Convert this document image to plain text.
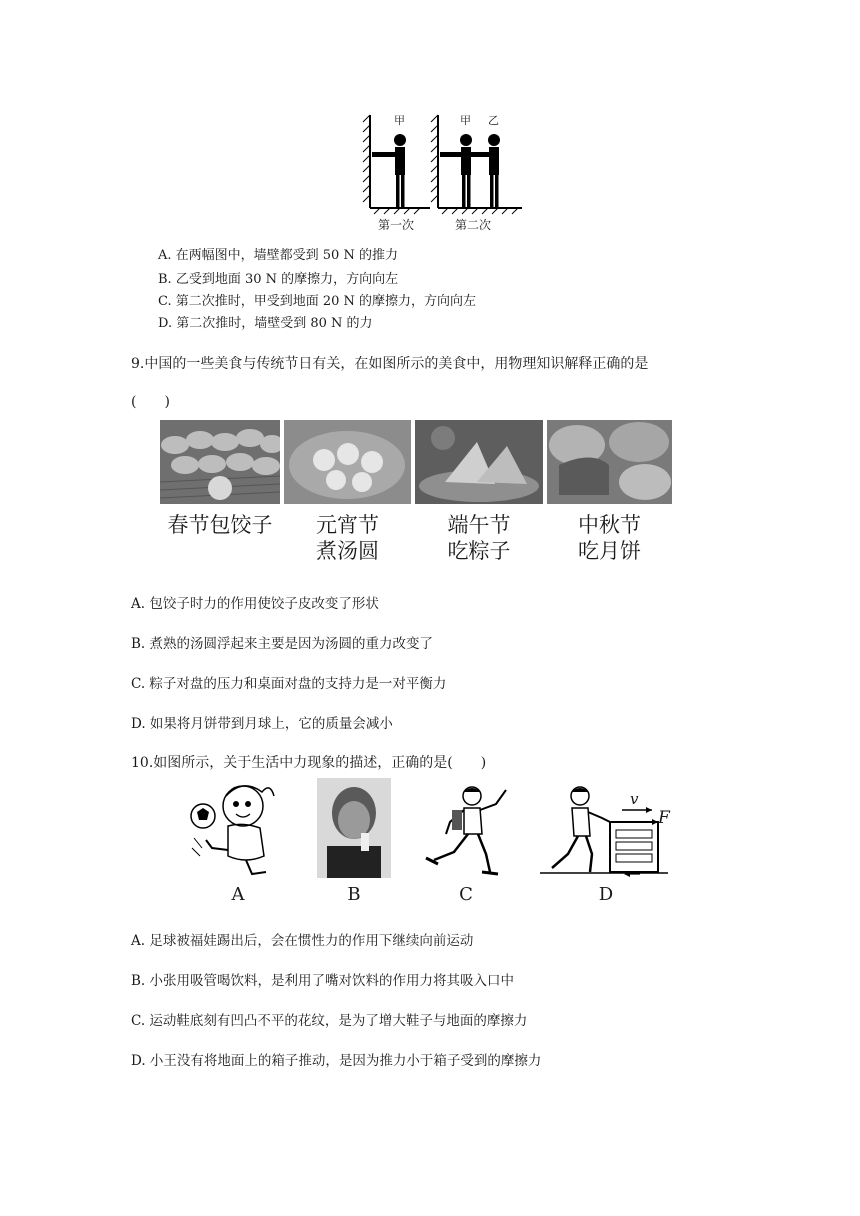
甲	甲 乙
第一次	第二次
A. 在两幅图中，墙壁都受到 50 N 的推力
B. 乙受到地面 30 N 的摩擦力，方向向左
C. 第二次推时，甲受到地面 20 N 的摩擦力，方向向左
D. 第二次推时，墙壁受到 80 N 的力
9.中国的一些美食与传统节日有关，在如图所示的美食中，用物理知识解释正确的是
(　　)
春节包饺子	元宵节
煮汤圆
端午节
吃粽子
中秋节
吃月饼
A. 包饺子时力的作用使饺子皮改变了形状
B. 煮熟的汤圆浮起来主要是因为汤圆的重力改变了
C. 粽子对盘的压力和桌面对盘的支持力是一对平衡力
D. 如果将月饼带到月球上，它的质量会减小
10.如图所示，关于生活中力现象的描述，正确的是(　　)
v
F
A	B	C	D
A. 足球被福娃踢出后，会在惯性力的作用下继续向前运动
B. 小张用吸管喝饮料，是利用了嘴对饮料的作用力将其吸入口中
C. 运动鞋底刻有凹凸不平的花纹，是为了增大鞋子与地面的摩擦力
D. 小王没有将地面上的箱子推动，是因为推力小于箱子受到的摩擦力
